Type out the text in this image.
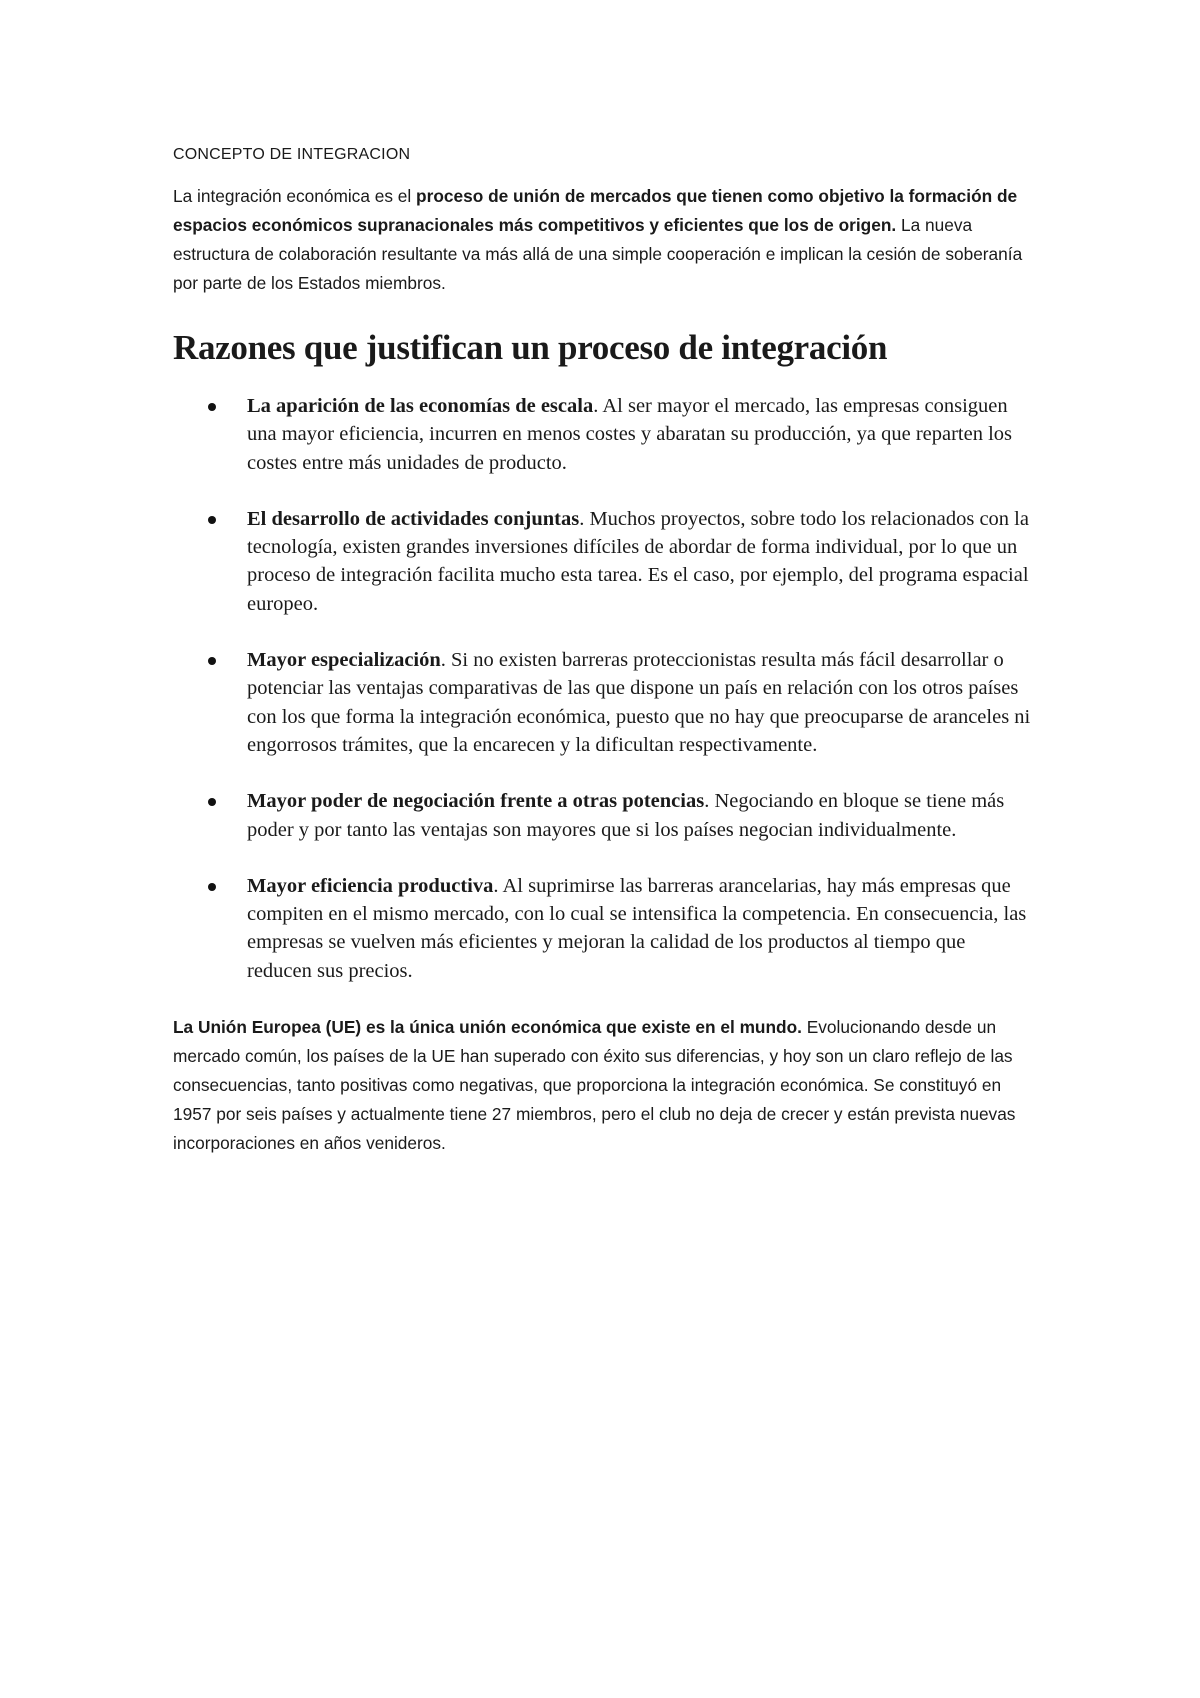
CONCEPTO DE INTEGRACION

La integración económica es el proceso de unión de mercados que tienen como objetivo la formación de espacios económicos supranacionales más competitivos y eficientes que los de origen. La nueva estructura de colaboración resultante va más allá de una simple cooperación e implican la cesión de soberanía por parte de los Estados miembros.

Razones que justifican un proceso de integración
La aparición de las economías de escala. Al ser mayor el mercado, las empresas consiguen una mayor eficiencia, incurren en menos costes y abaratan su producción, ya que reparten los costes entre más unidades de producto.
El desarrollo de actividades conjuntas. Muchos proyectos, sobre todo los relacionados con la tecnología, existen grandes inversiones difíciles de abordar de forma individual, por lo que un proceso de integración facilita mucho esta tarea. Es el caso, por ejemplo, del programa espacial europeo.
Mayor especialización. Si no existen barreras proteccionistas resulta más fácil desarrollar o potenciar las ventajas comparativas de las que dispone un país en relación con los otros países con los que forma la integración económica, puesto que no hay que preocuparse de aranceles ni engorrosos trámites, que la encarecen y la dificultan respectivamente.
Mayor poder de negociación frente a otras potencias. Negociando en bloque se tiene más poder y por tanto las ventajas son mayores que si los países negocian individualmente.
Mayor eficiencia productiva. Al suprimirse las barreras arancelarias, hay más empresas que compiten en el mismo mercado, con lo cual se intensifica la competencia. En consecuencia, las empresas se vuelven más eficientes y mejoran la calidad de los productos al tiempo que reducen sus precios.

La Unión Europea (UE) es la única unión económica que existe en el mundo. Evolucionando desde un mercado común, los países de la UE han superado con éxito sus diferencias, y hoy son un claro reflejo de las consecuencias, tanto positivas como negativas, que proporciona la integración económica. Se constituyó en 1957 por seis países y actualmente tiene 27 miembros, pero el club no deja de crecer y están prevista nuevas incorporaciones en años venideros.
